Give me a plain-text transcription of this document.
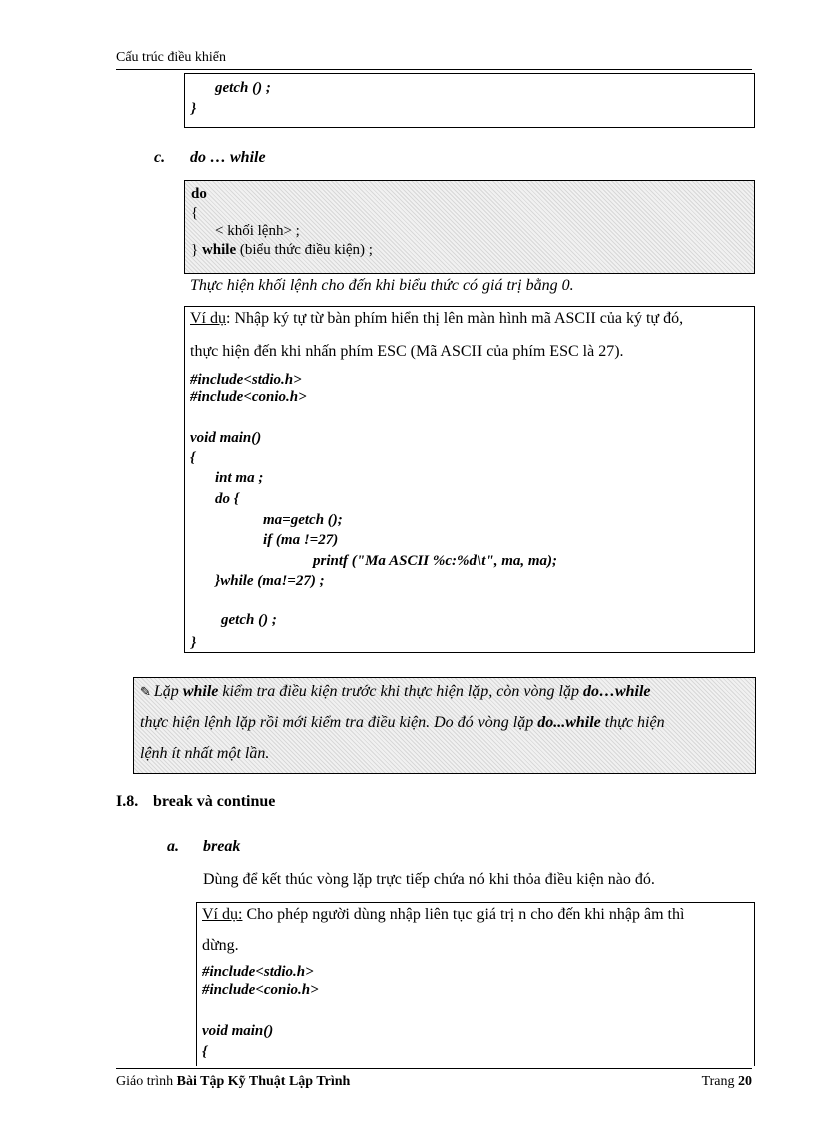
Cấu trúc điều khiển
getch () ;
}
c. do … while
do
{
< khối lệnh> ;
} while (biểu thức điều kiện) ;
Thực hiện khối lệnh cho đến khi biểu thức có giá trị bằng 0.
Ví dụ: Nhập ký tự từ bàn phím hiển thị lên màn hình mã ASCII của ký tự đó,
thực hiện đến khi nhấn phím ESC (Mã ASCII của phím ESC là 27).
#include<stdio.h>
#include<conio.h>
void main()
{
int ma ;
do {
ma=getch ();
if (ma !=27)
printf ("Ma ASCII %c:%d\t", ma, ma);
}while (ma!=27) ;
getch () ;
}
✎ Lặp while kiểm tra điều kiện trước khi thực hiện lặp, còn vòng lặp do…while
thực hiện lệnh lặp rồi mới kiểm tra điều kiện. Do đó vòng lặp do...while thực hiện
lệnh ít nhất một lần.
I.8. break và continue
a. break
Dùng để kết thúc vòng lặp trực tiếp chứa nó khi thỏa điều kiện nào đó.
Ví dụ: Cho phép người dùng nhập liên tục giá trị n cho đến khi nhập âm thì
dừng.
#include<stdio.h>
#include<conio.h>
void main()
{
Giáo trình Bài Tập Kỹ Thuật Lập Trình	Trang 20
